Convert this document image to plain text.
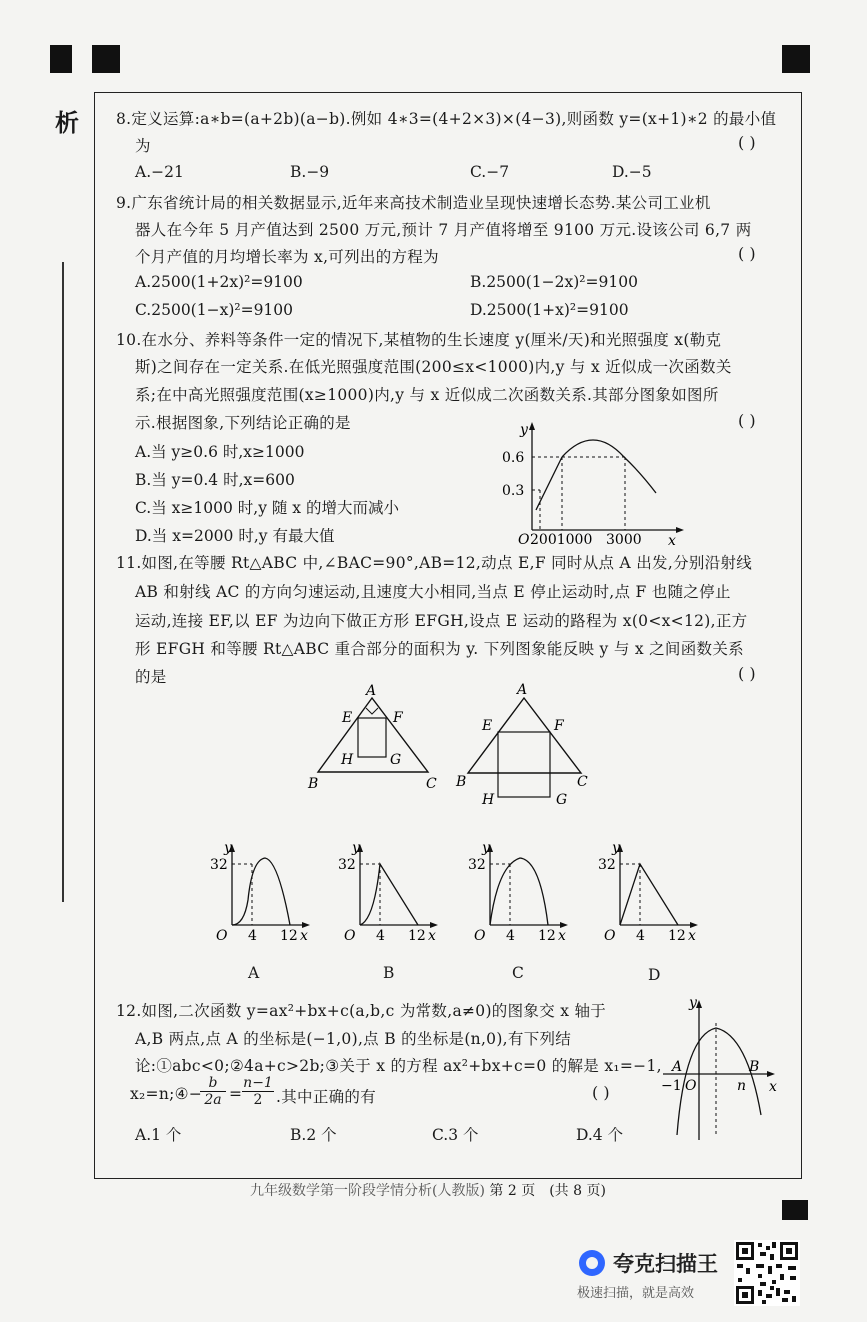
析 8.定义运算:a∗b=(a+2b)(a−b).例如 4∗3=(4+2×3)×(4−3),则函数 y=(x+1)∗2 的最小值
为	( )
A.−21	B.−9	C.−7	D.−5
9.广东省统计局的相关数据显示,近年来高技术制造业呈现快速增长态势.某公司工业机
器人在今年 5 月产值达到 2500 万元,预计 7 月产值将增至 9100 万元.设该公司 6,7 两
个月产值的月均增长率为 x,可列出的方程为	( )
A.2500(1+2x)²=9100	B.2500(1−2x)²=9100
C.2500(1−x)²=9100	D.2500(1+x)²=9100
10.在水分、养料等条件一定的情况下,某植物的生长速度 y(厘米/天)和光照强度 x(勒克
斯)之间存在一定关系.在低光照强度范围(200≤x<1000)内,y 与 x 近似成一次函数关
系;在中高光照强度范围(x≥1000)内,y 与 x 近似成二次函数关系.其部分图象如图所
示.根据图象,下列结论正确的是	( )
A.当 y≥0.6 时,x≥1000
B.当 y=0.4 时,x=600
C.当 x≥1000 时,y 随 x 的增大而减小
D.当 x=2000 时,y 有最大值
y
x
O
0.6
0.3
2001000 3000
11.如图,在等腰 Rt△ABC 中,∠BAC=90°,AB=12,动点 E,F 同时从点 A 出发,分别沿射线
AB 和射线 AC 的方向匀速运动,且速度大小相同,当点 E 停止运动时,点 F 也随之停止
运动,连接 EF,以 EF 为边向下做正方形 EFGH,设点 E 运动的路程为 x(0<x<12),正方
形 EFGH 和等腰 Rt△ABC 重合部分的面积为 y. 下列图象能反映 y 与 x 之间函数关系
的是	( )
A
E	F
H	G
B	C
A
E	F
B	C
H	G
y
32
O 4 12 x
y
32
O 4 12 x
y
32
O 4 12 x
y
32
O 4 12 x
A	B	C	D
12.如图,二次函数 y=ax²+bx+c(a,b,c 为常数,a≠0)的图象交 x 轴于
A,B 两点,点 A 的坐标是(−1,0),点 B 的坐标是(n,0),有下列结
论:①abc<0;②4a+c>2b;③关于 x 的方程 ax²+bx+c=0 的解是 x₁=−1,
x₂=n;④−
$\frac{b}{2a} = \frac{n-1}{2}$ .其中正确的有	( )
A.1 个	B.2 个	C.3 个	D.4 个
y
x
A	B
−1 O	n
九年级数学第一阶段学情分析(人教版) 第 2 页　(共 8 页)
夸克扫描王
极速扫描，就是高效
